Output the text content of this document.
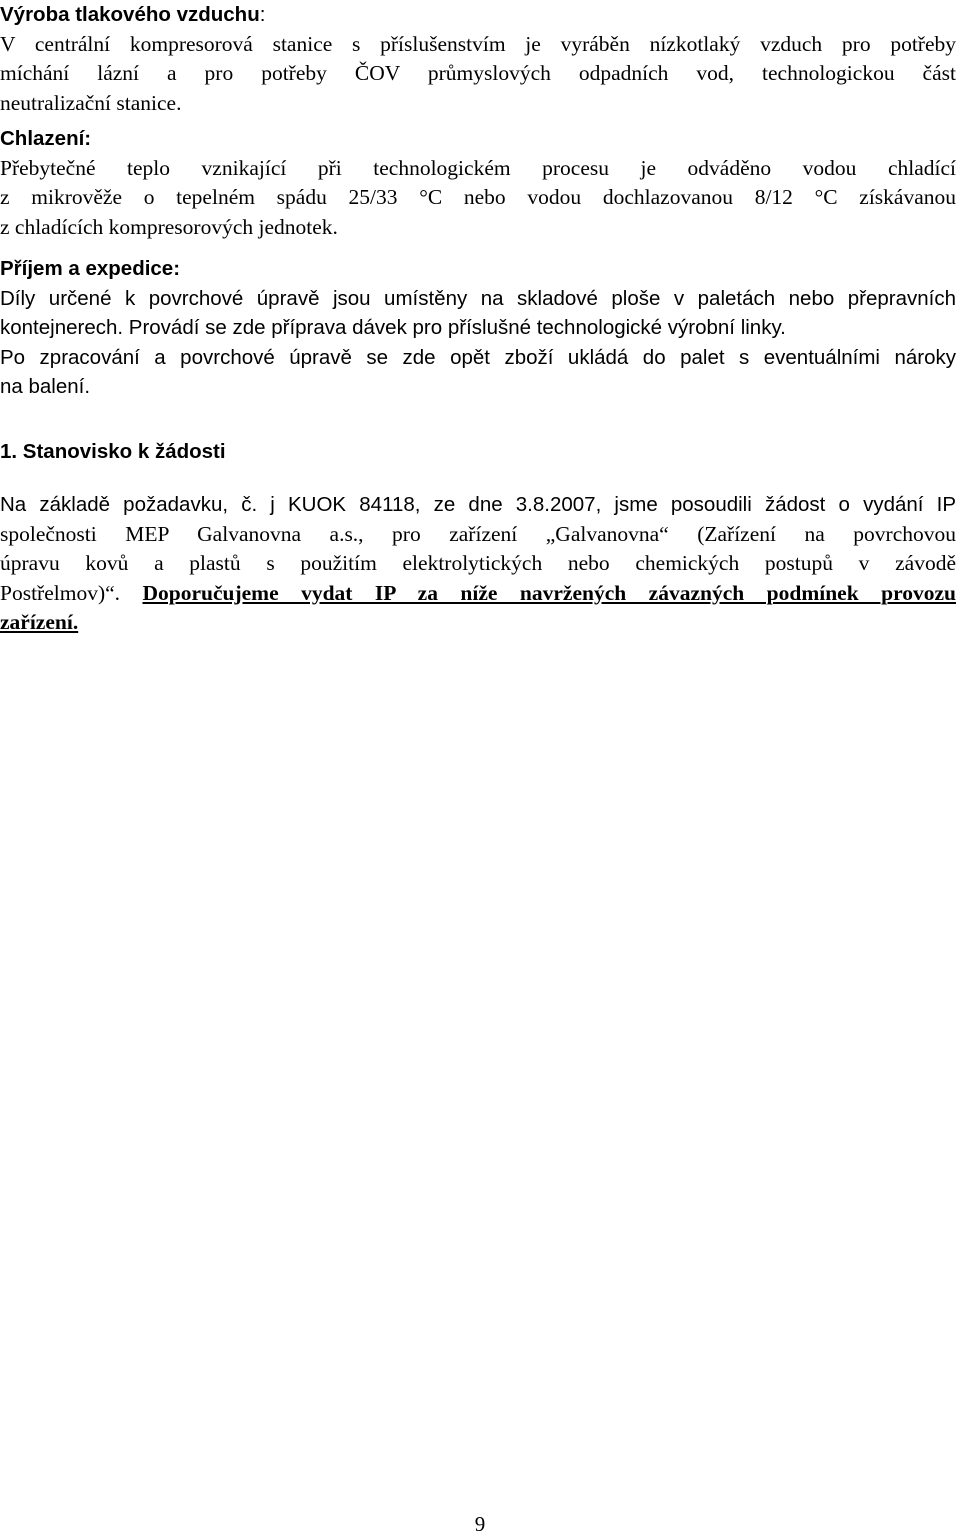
Výroba tlakového vzduchu:
V centrální kompresorová stanice s příslušenstvím je vyráběn nízkotlaký vzduch pro potřeby
míchání lázní a pro potřeby ČOV průmyslových odpadních vod, technologickou část
neutralizační stanice.
Chlazení:
Přebytečné teplo vznikající při technologickém procesu je odváděno vodou chladící
z mikrověže o tepelném spádu 25/33 °C nebo vodou dochlazovanou 8/12 °C získávanou
z chladících kompresorových jednotek.
Příjem a expedice:
Díly určené k povrchové úpravě jsou umístěny na skladové ploše v paletách nebo přepravních
kontejnerech. Provádí se zde příprava dávek pro příslušné technologické výrobní linky.
Po zpracování a povrchové úpravě se zde opět zboží ukládá do palet s eventuálními nároky
na balení.
1. Stanovisko k žádosti
Na základě požadavku, č. j KUOK 84118, ze dne 3.8.2007, jsme posoudili žádost o vydání IP
společnosti MEP Galvanovna a.s., pro zařízení „Galvanovna“ (Zařízení na povrchovou
úpravu kovů a plastů s použitím elektrolytických nebo chemických postupů v závodě
Postřelmov)“. Doporučujeme vydat IP za níže navržených závazných podmínek provozu
zařízení.
9
